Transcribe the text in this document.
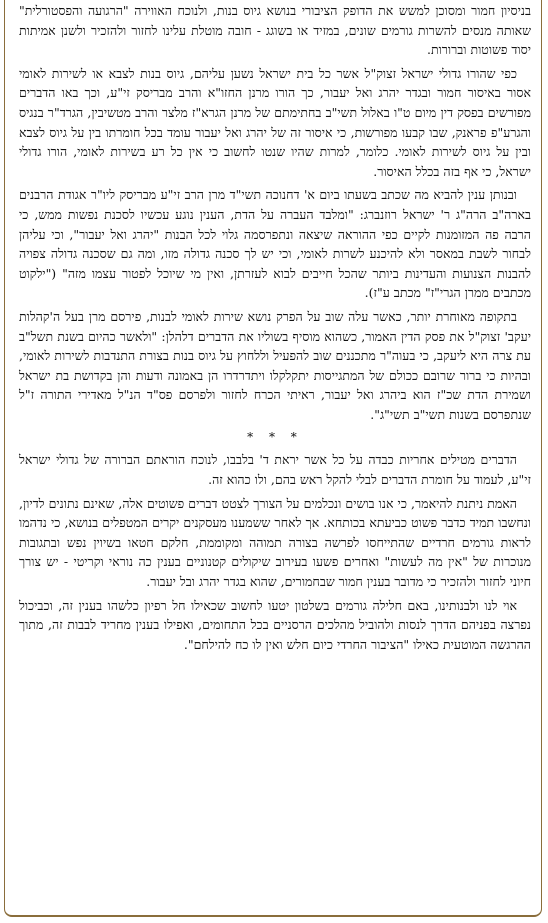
בניסיון חמור ומסוכן למשש את הדופק הציבורי בנושא גיוס בנות, ולנוכח האווירה "הרגועה והפסטורלית" שאותה מנסים להשרות גורמים שונים, במזיד או בשוגג - חובה מוטלת עלינו לחזור ולהזכיר ולשנן אמיתות יסוד פשוטות וברורות.

כפי שהורו גדולי ישראל זצוק"ל אשר כל בית ישראל נשען עליהם, גיוס בנות לצבא או לשירות לאומי אסור באיסור חמור ובגדר יהרג ואל יעבור, כך הורו מרנן החזו"א והרב מבריסק זי"ע, וכך באו הדברים מפורשים בפסק דין מיום ט"ו באלול תשי"ב בחתימתם של מרנן הגרא"ז מלצר והרב מטשיבין, הגרד"ר בנגיס והגרע"פ פראנק, שבו קבעו מפורשות, כי איסור זה של יהרג ואל יעבור עומד בכל חומרתו בין על גיוס לצבא ובין על גיוס לשירות לאומי. כלומר, למרות שהיו שנטו לחשוב כי אין כל רע בשירות לאומי, הורו גדולי ישראל, כי אף בזה בכלל האיסור.

ובנותן ענין להביא מה שכתב בשעתו ביום א' דחנוכה תשי"ד מרן הרב זי"ע מבריסק ליו"ר אגודת הרבנים בארה"ב הרה"ג ר' ישראל רוזנברג: "ומלבד העברה על הדת, הענין נוגע עכשיו לסכנת נפשות ממש, כי הרבה פה המזומנות לקיים כפי ההוראה שיצאה ונתפרסמה גלוי לכל הבנות "יהרג ואל יעבור", וכי עליהן לבחור לשבת במאסר ולא להיכנע לשרות לאומי, וכי יש לך סכנה גדולה מזו, ומה גם שסכנה גדולה צפויה להבנות הצנועות והעדינות ביותר שהכל חייבים לבוא לעזרתן, ואין מי שיוכל לפטור עצמו מזה" ("ילקוט מכתבים ממרן הגרי"ז" מכתב ע"ז).

בתקופה מאוחרת יותר, כאשר עלה שוב על הפרק נושא שירות לאומי לבנות, פירסם מרן בעל ה'קהלות יעקב' זצוק"ל את פסק הדין האמור, כשהוא מוסיף בשוליו את הדברים דלהלן: "ולאשר כהיום בשנת תשל"ב עת צרה היא ליעקב, כי בעוה"ר מתכננים שוב להפעיל וללחוץ על גיוס בנות בצורת התנדבות לשירות לאומי, ובהיות כי ברור שרובם ככולם של המתגייסות יתקלקלו ויתדרדרו הן באמונה ודעות והן בקדושת בת ישראל ושמירת הדת שכ"ז הוא ביהרג ואל יעבור, ראיתי הכרח לחזור ולפרסם פס"ד הנ"ל מאדירי התורה ז"ל שנתפרסם בשנות תשי"ב תשי"ג".

* * *

הדברים מטילים אחריות כבדה על כל אשר יראת ד' בלבבו, לנוכח הוראתם הברורה של גדולי ישראל זי"ע, לעמוד על חומרת הדברים לבלי להקל ראש בהם, ולו כהוא זה.

האמת ניתנת להיאמר, כי אנו בושים ונכלמים על הצורך לצטט דברים פשוטים אלה, שאינם נתונים לדיון, ונחשבו תמיד כדבר פשוט כביעתא בכותחא. אך לאחר ששמענו מעסקנים יקרים המטפלים בנושא, כי נדהמו לראות גורמים חרדיים שהתייחסו לפרשה בצורה תמוהה ומקוממת, חלקם חטאו בשיוין נפש ובתגובות מנוכרות של "אין מה לעשות" ואחרים פשעו בעירוב שיקולים קטנוניים בענין כה נוראי וקריטי - יש צורך חיוני לחזור ולהזכיר כי מדובר בענין חמור שבחמורים, שהוא בגדר יהרג ובל יעבור.

אוי לנו ולבנותינו, באם חלילה גורמים בשלטון יטעו לחשוב שכאילו חל רפיון כלשהו בענין זה, וכביכול נפרצה בפניהם הדרך לנסות ולהוביל מהלכים הרסניים בכל התחומים, ואפילו בענין מחריד לבבות זה, מתוך ההרגשה המוטעית כאילו "הציבור החרדי כיום חלש ואין לו כח להילחם".
